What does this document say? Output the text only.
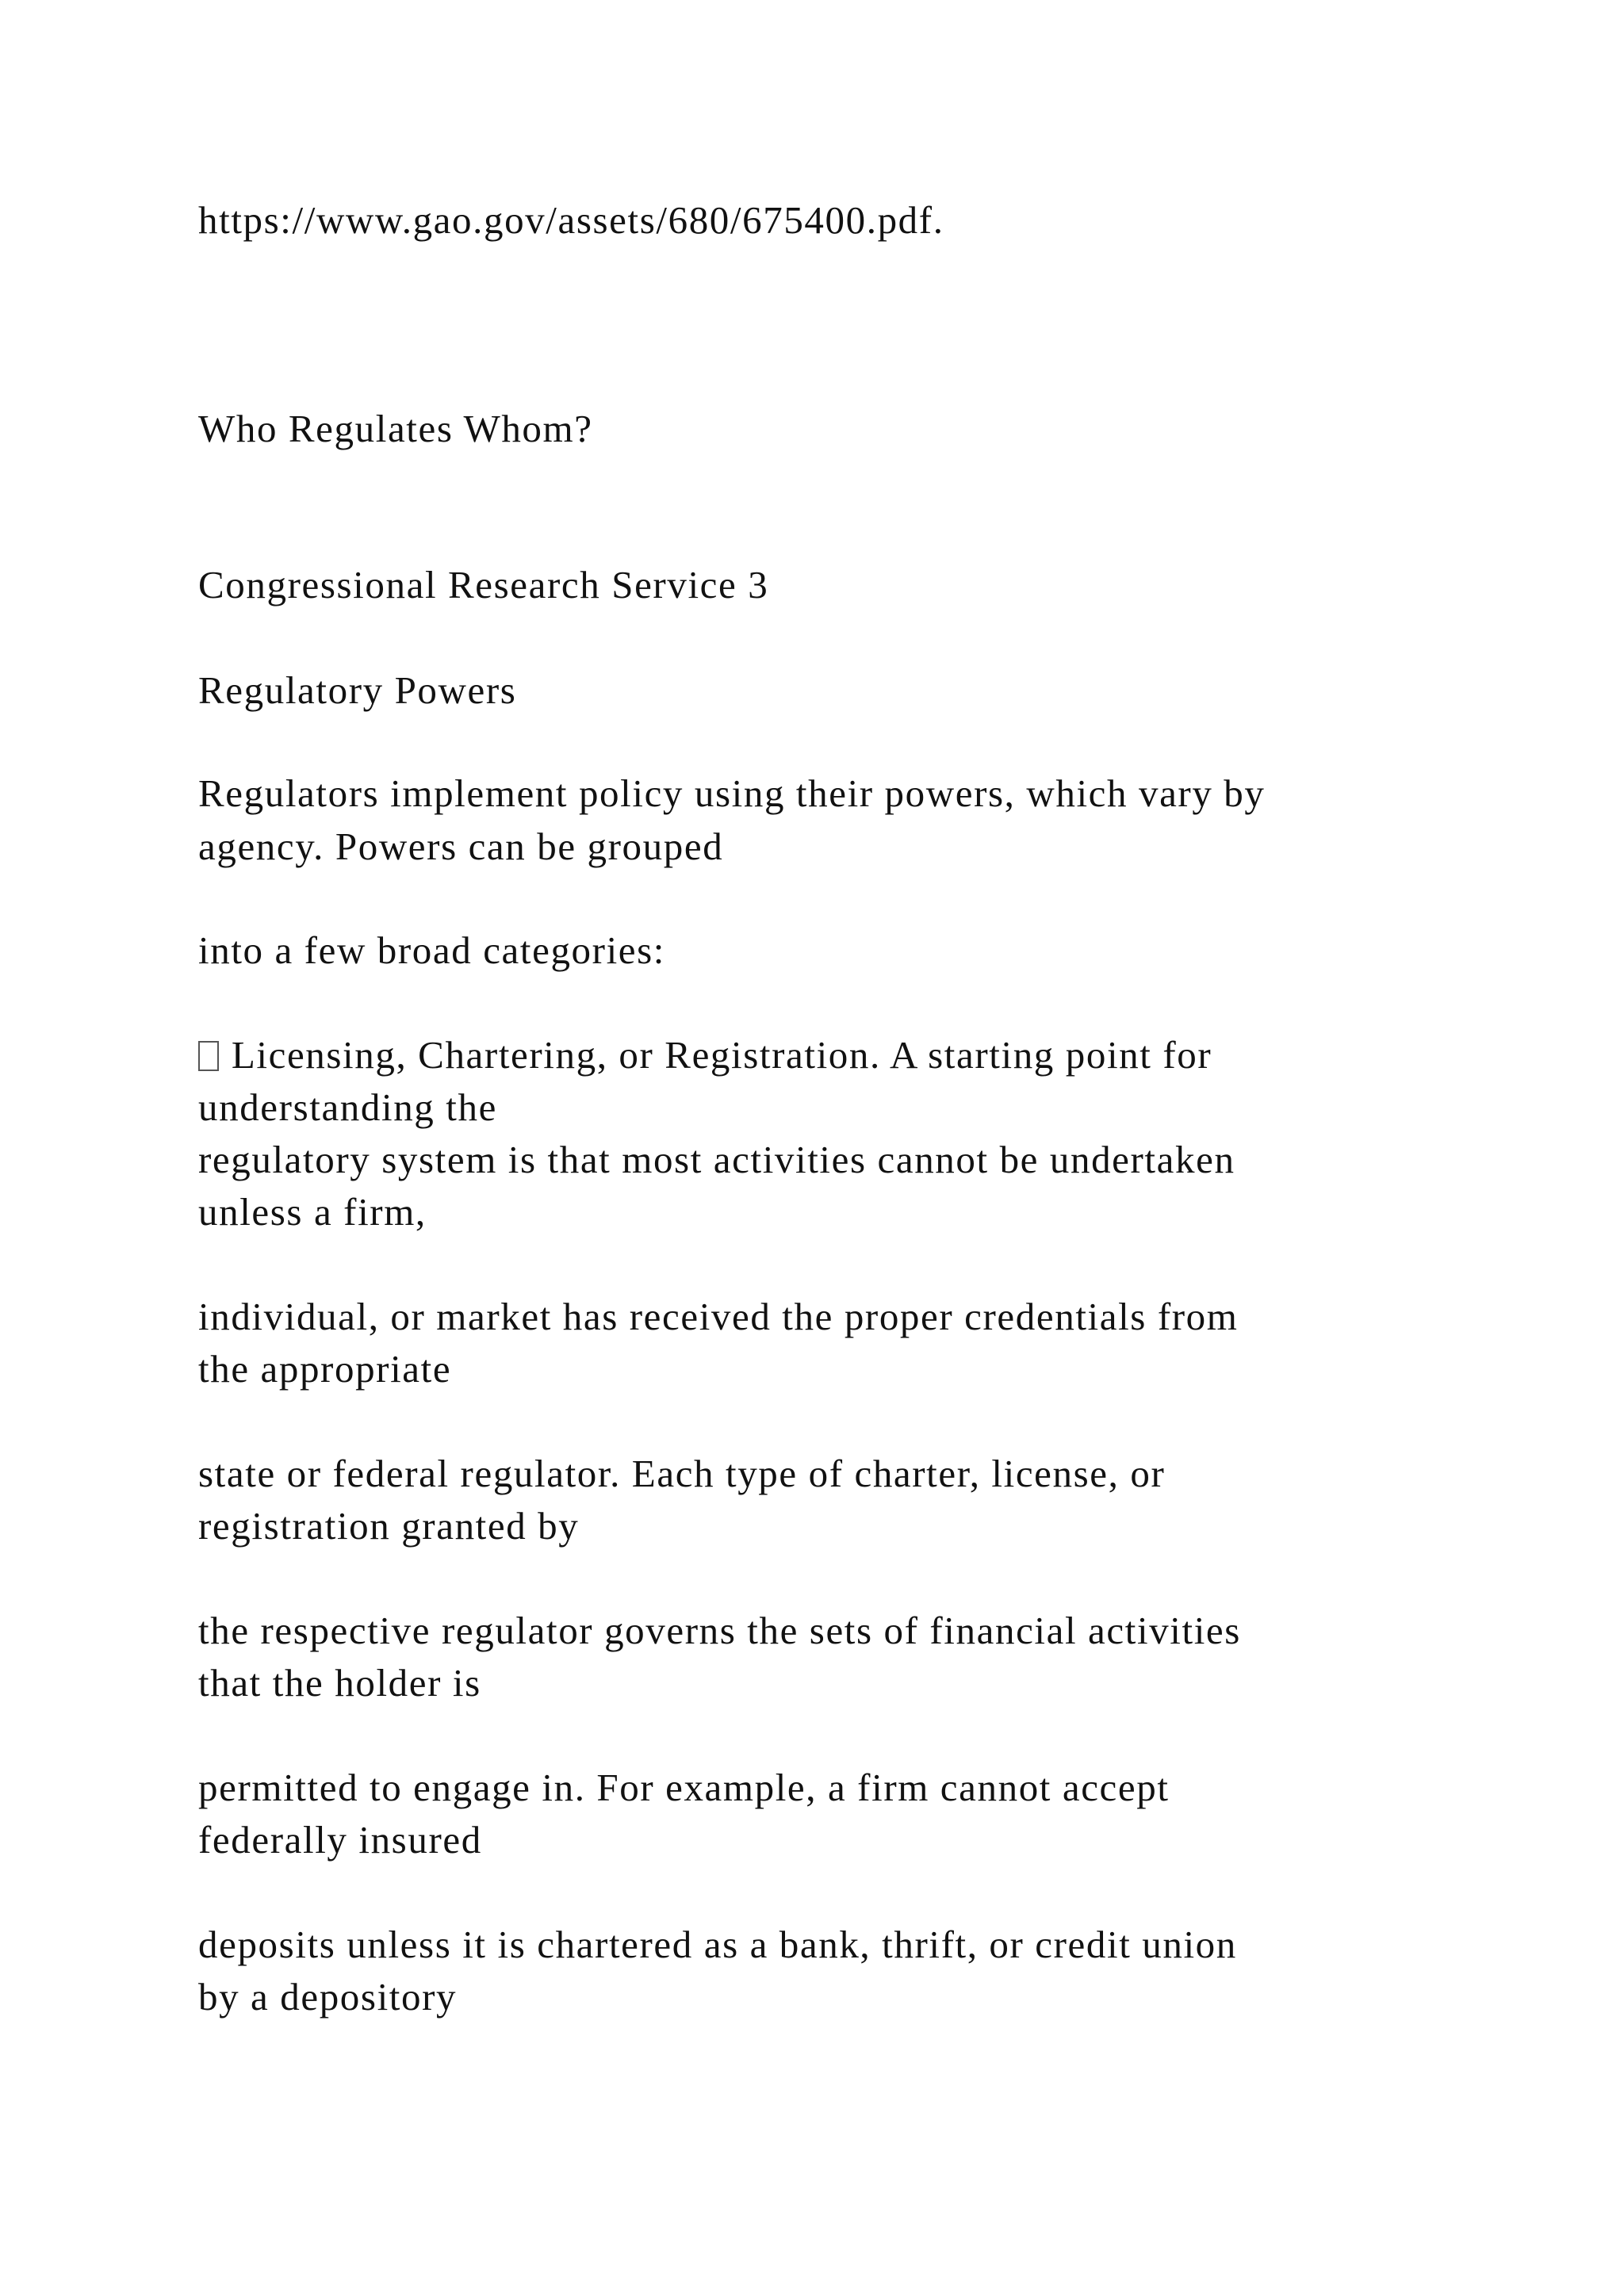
https://www.gao.gov/assets/680/675400.pdf.

Who Regulates Whom?

Congressional Research Service 3

Regulatory Powers

Regulators implement policy using their powers, which vary by

agency. Powers can be grouped

into a few broad categories:

Licensing, Chartering, or Registration. A starting point for

understanding the

regulatory system is that most activities cannot be undertaken

unless a firm,

individual, or market has received the proper credentials from

the appropriate

state or federal regulator. Each type of charter, license, or

registration granted by

the respective regulator governs the sets of financial activities

that the holder is

permitted to engage in. For example, a firm cannot accept

federally insured

deposits unless it is chartered as a bank, thrift, or credit union

by a depository
